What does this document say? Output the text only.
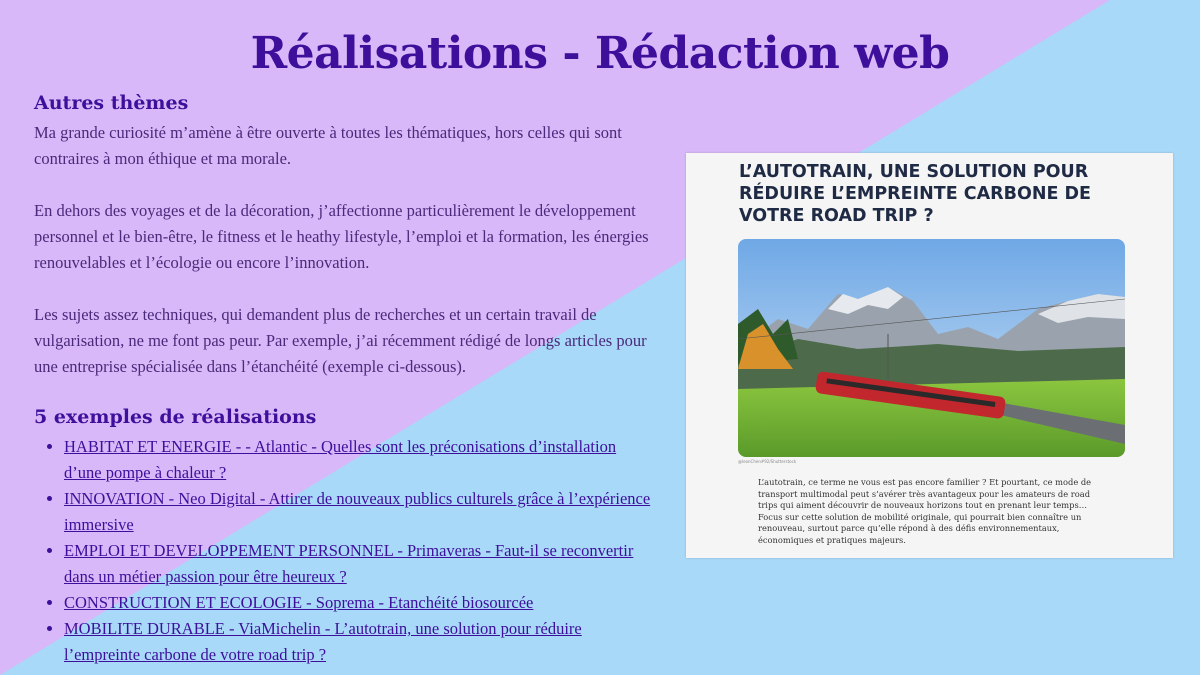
Réalisations - Rédaction web
Autres thèmes

Ma grande curiosité m’amène à être ouverte à toutes les thématiques, hors celles qui sont contraires à mon éthique et ma morale.

En dehors des voyages et de la décoration, j’affectionne particulièrement le développement personnel et le bien-être, le fitness et le heathy lifestyle, l’emploi et la formation, les énergies renouvelables et l’écologie ou encore l’innovation.

Les sujets assez techniques, qui demandent plus de recherches et un certain travail de vulgarisation, ne me font pas peur. Par exemple, j’ai récemment rédigé de longs articles pour une entreprise spécialisée dans l’étanchéité (exemple ci-dessous).

5 exemples de réalisations
• HABITAT ET ENERGIE - - Atlantic - Quelles sont les préconisations d’installation d’une pompe à chaleur ?
• INNOVATION - Neo Digital - Attirer de nouveaux publics culturels grâce à l’expérience immersive
• EMPLOI ET DEVELOPPEMENT PERSONNEL - Primaveras - Faut-il se reconvertir dans un métier passion pour être heureux ?
• CONSTRUCTION ET ECOLOGIE - Soprema - Etanchéité biosourcée
• MOBILITE DURABLE - ViaMichelin - L’autotrain, une solution pour réduire l’empreinte carbone de votre road trip ?
L’AUTOTRAIN, UNE SOLUTION POUR RÉDUIRE L’EMPREINTE CARBONE DE VOTRE ROAD TRIP ?
@leonChen#92/Shutterstock

L’autotrain, ce terme ne vous est pas encore familier ? Et pourtant, ce mode de transport multimodal peut s’avérer très avantageux pour les amateurs de road trips qui aiment découvrir de nouveaux horizons tout en prenant leur temps… Focus sur cette solution de mobilité originale, qui pourrait bien connaître un renouveau, surtout parce qu’elle répond à des défis environnementaux, économiques et pratiques majeurs.
